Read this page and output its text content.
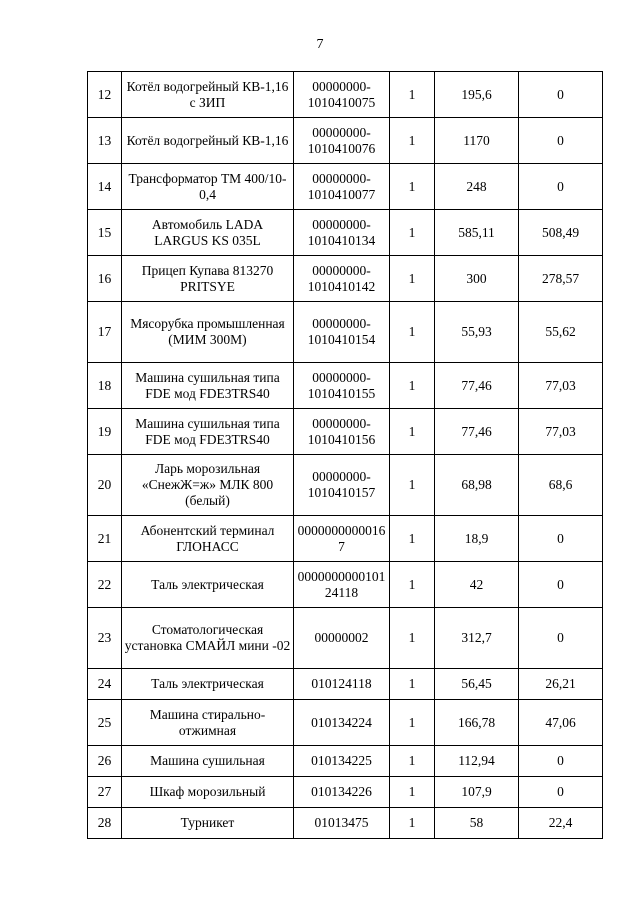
7
12	Котёл водогрейный КВ-1,16 с ЗИП	00000000-1010410075	1	195,6	0
13	Котёл водогрейный КВ-1,16	00000000-1010410076	1	1170	0
14	Трансформатор ТМ 400/10-0,4	00000000-1010410077	1	248	0
15	Автомобиль LADA LARGUS KS 035L	00000000-1010410134	1	585,11	508,49
16	Прицеп Купава 813270 PRITSYE	00000000-1010410142	1	300	278,57
17	Мясорубка промышленная (МИМ 300М)	00000000-1010410154	1	55,93	55,62
18	Машина сушильная типа FDE мод FDE3TRS40	00000000-1010410155	1	77,46	77,03
19	Машина сушильная типа FDE мод FDE3TRS40	00000000-1010410156	1	77,46	77,03
20	Ларь морозильная «СнежЖ=ж» МЛК 800 (белый)	00000000-1010410157	1	68,98	68,6
21	Абонентский терминал ГЛОНАСС	00000000000167	1	18,9	0
22	Таль электрическая	000000000010124118	1	42	0
23	Стоматологическая установка СМАЙЛ мини -02	00000002	1	312,7	0
24	Таль электрическая	010124118	1	56,45	26,21
25	Машина стирально-отжимная	010134224	1	166,78	47,06
26	Машина сушильная	010134225	1	112,94	0
27	Шкаф морозильный	010134226	1	107,9	0
28	Турникет	01013475	1	58	22,4
